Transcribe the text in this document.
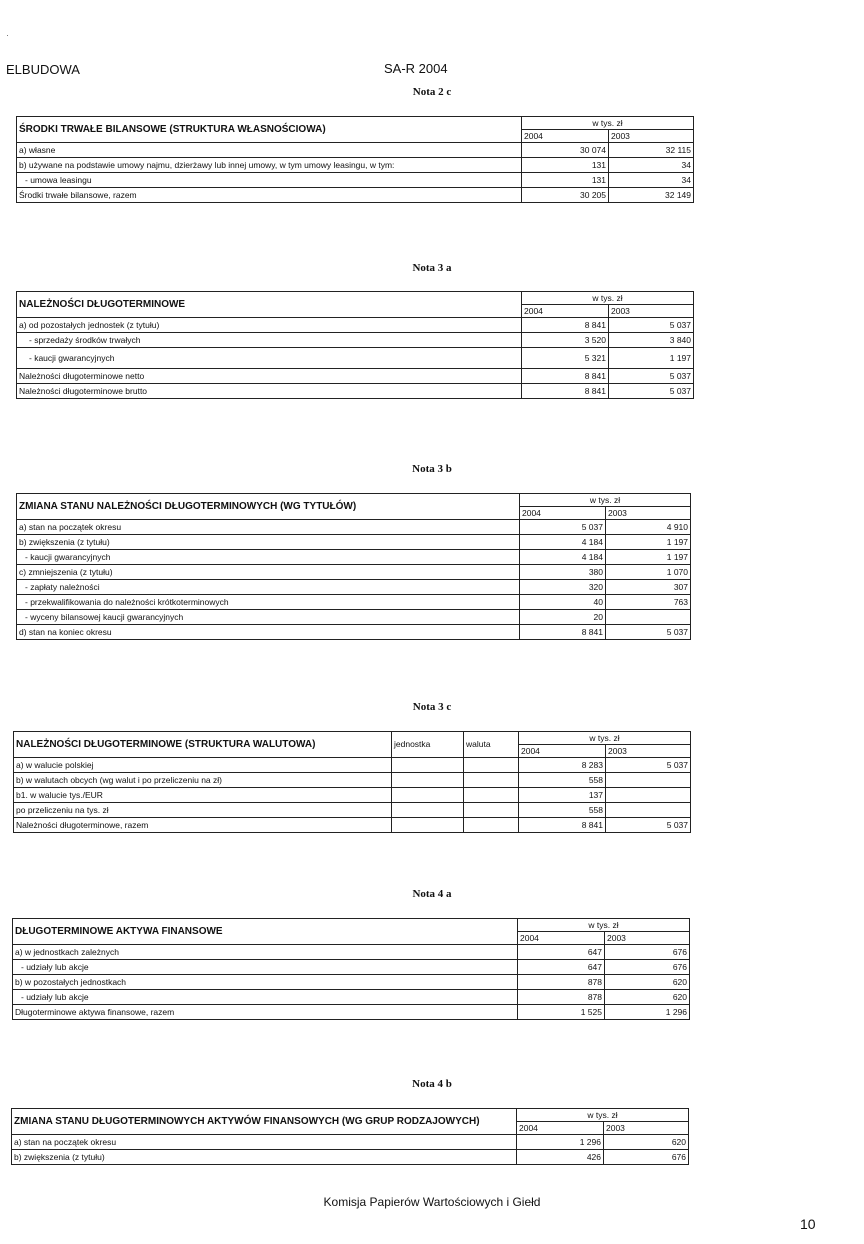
ELBUDOWA	SA-R 2004
·
Nota 2 c
ŚRODKI TRWAŁE BILANSOWE (STRUKTURA WŁASNOŚCIOWA)	w tys. zł	
	2004	2003
a) własne	30 074	32 115
b) używane na podstawie umowy najmu, dzierżawy lub innej umowy, w tym umowy leasingu, w tym:	131	34
- umowa leasingu	131	34
Środki trwałe bilansowe, razem	30 205	32 149
Nota 3 a
NALEŻNOŚCI DŁUGOTERMINOWE	w tys. zł	
	2004	2003
a) od pozostałych jednostek (z tytułu)	8 841	5 037
- sprzedaży środków trwałych	3 520	3 840
- kaucji gwarancyjnych	5 321	1 197
Należności długoterminowe netto	8 841	5 037
Należności długoterminowe brutto	8 841	5 037
Nota 3 b
ZMIANA STANU NALEŻNOŚCI DŁUGOTERMINOWYCH (WG TYTUŁÓW)	w tys. zł	
	2004	2003
a) stan na początek okresu	5 037	4 910
b) zwiększenia (z tytułu)	4 184	1 197
- kaucji gwarancyjnych	4 184	1 197
c) zmniejszenia (z tytułu)	380	1 070
- zapłaty należności	320	307
- przekwalifikowania do należności krótkoterminowych	40	763
- wyceny bilansowej kaucji gwarancyjnych	20	
d) stan na koniec okresu	8 841	5 037
Nota 3 c
NALEŻNOŚCI DŁUGOTERMINOWE (STRUKTURA WALUTOWA)	jednostka	waluta	w tys. zł	
			2004	2003
a) w walucie polskiej			8 283	5 037
b) w walutach obcych (wg walut i po przeliczeniu na zł)			558	
b1. w walucie tys./EUR			137	
po przeliczeniu na tys. zł			558	
Należności długoterminowe, razem			8 841	5 037
Nota 4 a
DŁUGOTERMINOWE AKTYWA FINANSOWE	w tys. zł	
	2004	2003
a) w jednostkach zależnych	647	676
- udziały lub akcje	647	676
b) w pozostałych jednostkach	878	620
- udziały lub akcje	878	620
Długoterminowe aktywa finansowe, razem	1 525	1 296
Nota 4 b
ZMIANA STANU DŁUGOTERMINOWYCH AKTYWÓW FINANSOWYCH (WG GRUP RODZAJOWYCH)	w tys. zł	
	2004	2003
a) stan na początek okresu	1 296	620
b) zwiększenia (z tytułu)	426	676
Komisja Papierów Wartościowych i Giełd
10
